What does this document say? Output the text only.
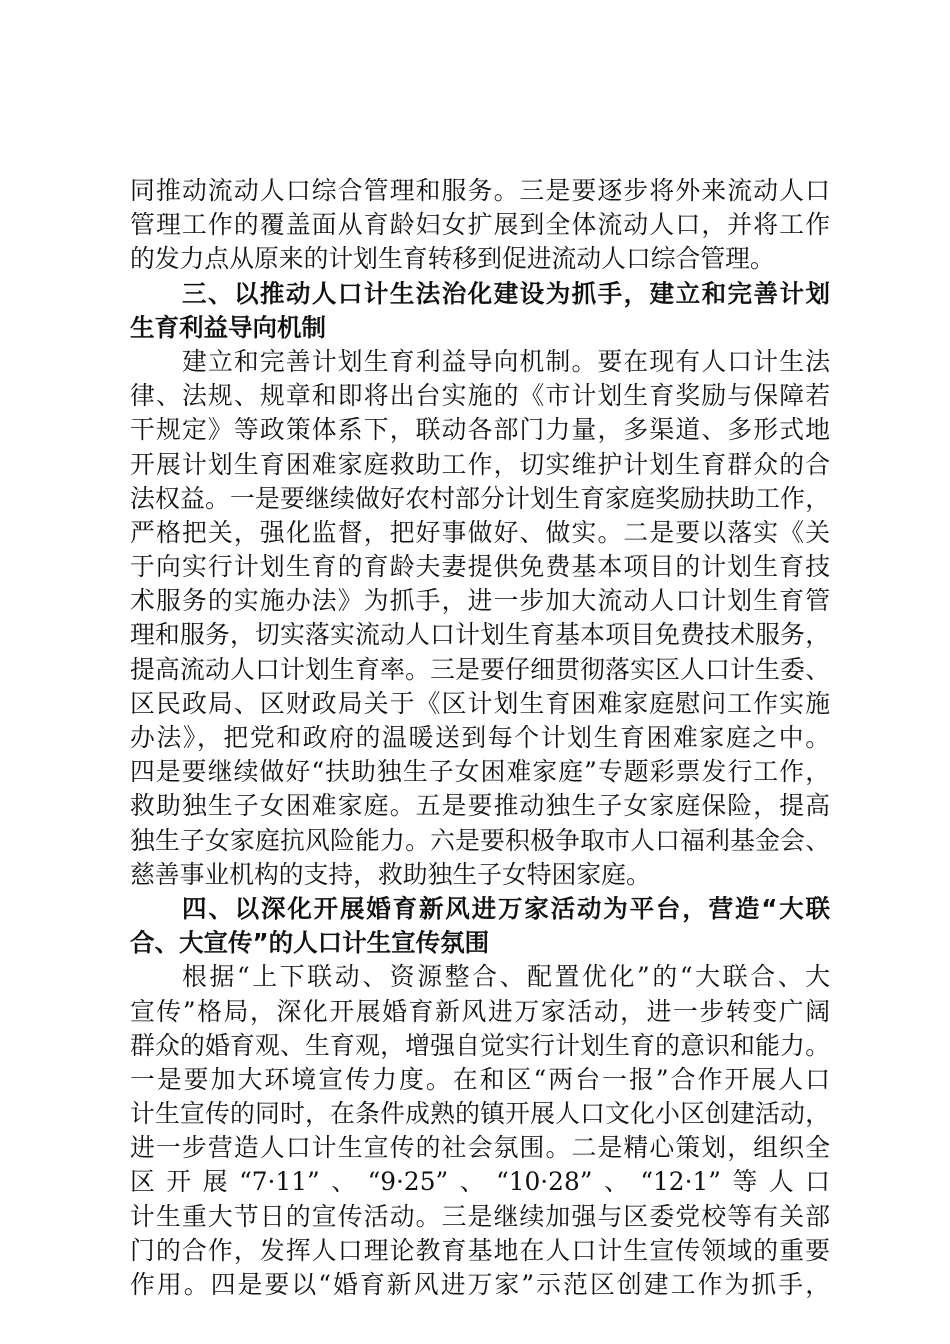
同推动流动人口综合管理和服务。三是要逐步将外来流动人口
管理工作的覆盖面从育龄妇女扩展到全体流动人口，并将工作
的发力点从原来的计划生育转移到促进流动人口综合管理。
三、以推动人口计生法治化建设为抓手，建立和完善计划
生育利益导向机制
建立和完善计划生育利益导向机制。要在现有人口计生法
律、法规、规章和即将出台实施的《市计划生育奖励与保障若
干规定》等政策体系下，联动各部门力量，多渠道、多形式地
开展计划生育困难家庭救助工作，切实维护计划生育群众的合
法权益。一是要继续做好农村部分计划生育家庭奖励扶助工作，
严格把关，强化监督，把好事做好、做实。二是要以落实《关
于向实行计划生育的育龄夫妻提供免费基本项目的计划生育技
术服务的实施办法》为抓手，进一步加大流动人口计划生育管
理和服务，切实落实流动人口计划生育基本项目免费技术服务，
提高流动人口计划生育率。三是要仔细贯彻落实区人口计生委、
区民政局、区财政局关于《区计划生育困难家庭慰问工作实施
办法》，把党和政府的温暖送到每个计划生育困难家庭之中。
四是要继续做好“扶助独生子女困难家庭”专题彩票发行工作，
救助独生子女困难家庭。五是要推动独生子女家庭保险，提高
独生子女家庭抗风险能力。六是要积极争取市人口福利基金会、
慈善事业机构的支持，救助独生子女特困家庭。
四、以深化开展婚育新风进万家活动为平台，营造“大联
合、大宣传”的人口计生宣传氛围
根据“上下联动、资源整合、配置优化”的“大联合、大
宣传”格局，深化开展婚育新风进万家活动，进一步转变广阔
群众的婚育观、生育观，增强自觉实行计划生育的意识和能力。
一是要加大环境宣传力度。在和区“两台一报”合作开展人口
计生宣传的同时，在条件成熟的镇开展人口文化小区创建活动，
进一步营造人口计生宣传的社会氛围。二是精心策划，组织全
区开展“7·11”、“9·25”、“10·28”、“12·1”等人口
计生重大节日的宣传活动。三是继续加强与区委党校等有关部
门的合作，发挥人口理论教育基地在人口计生宣传领域的重要
作用。四是要以“婚育新风进万家”示范区创建工作为抓手，
